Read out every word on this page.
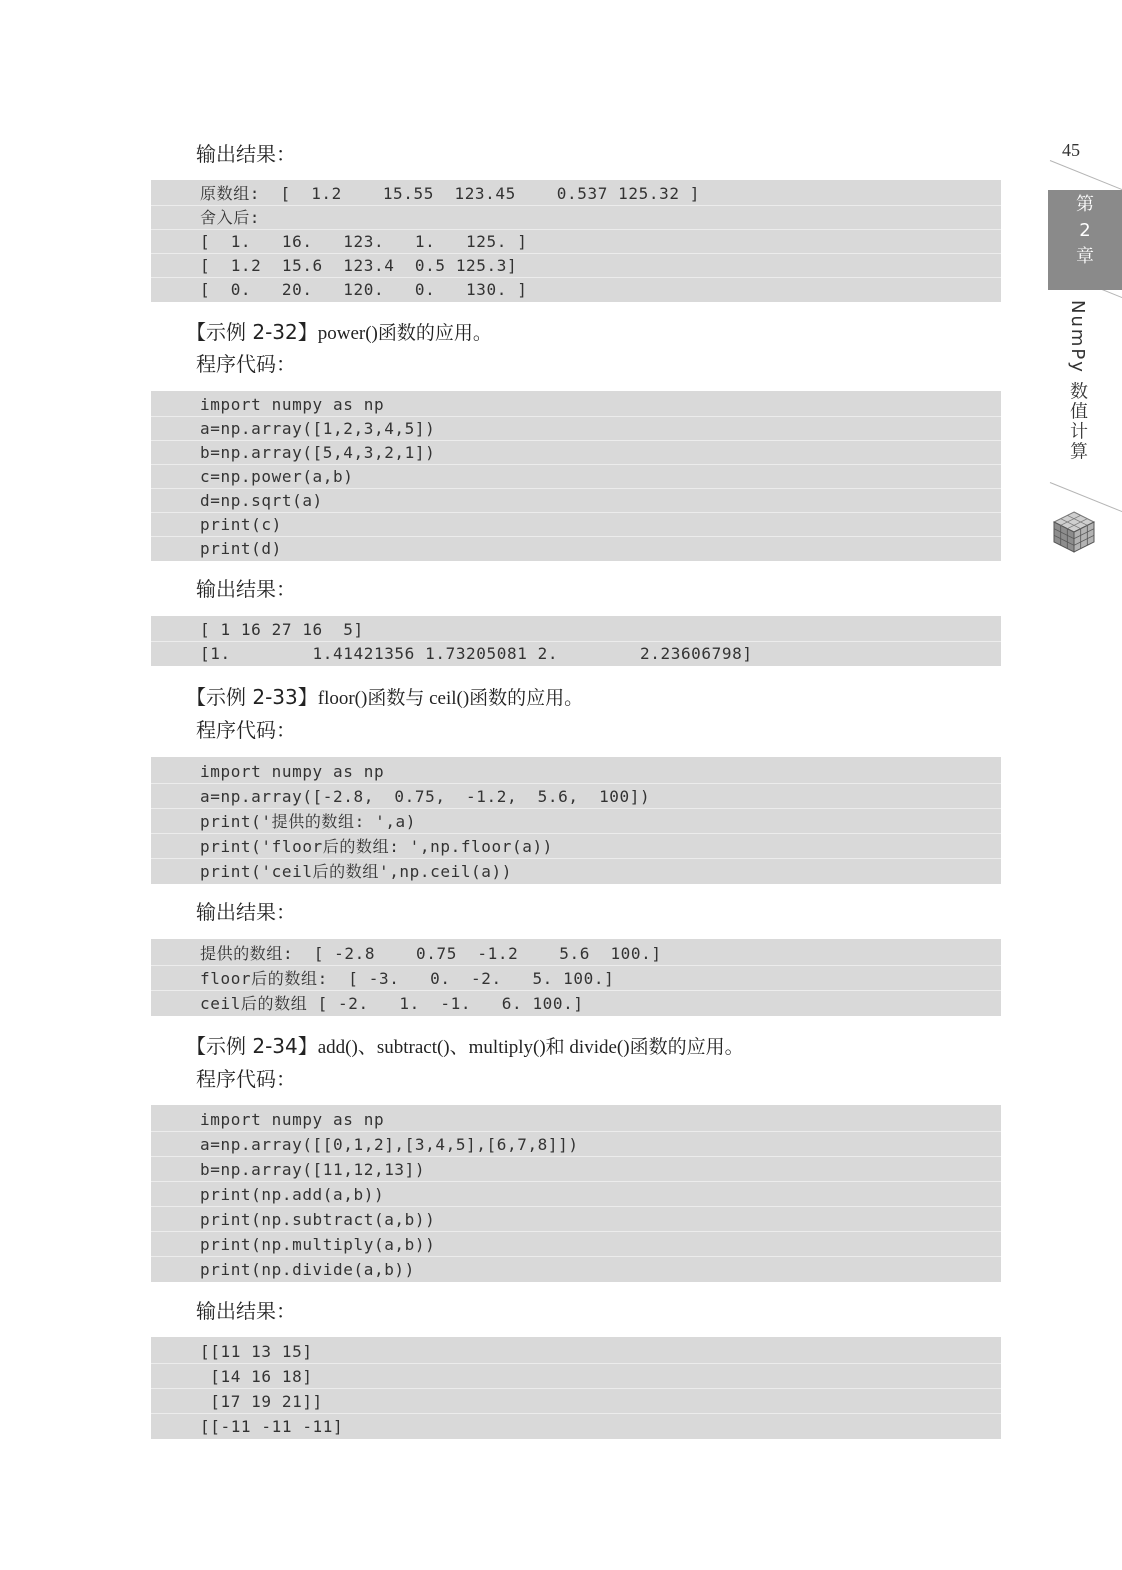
输出结果：
原数组:  [  1.2    15.55  123.45    0.537 125.32 ]
舍入后:
[  1.   16.   123.   1.   125. ]
[  1.2  15.6  123.4  0.5 125.3]
[  0.   20.   120.   0.   130. ]
【示例 2-32】power()函数的应用。
程序代码：
import numpy as np
a=np.array([1,2,3,4,5])
b=np.array([5,4,3,2,1])
c=np.power(a,b)
d=np.sqrt(a)
print(c)
print(d)
输出结果：
[ 1 16 27 16  5]
[1.        1.41421356 1.73205081 2.        2.23606798]
【示例 2-33】floor()函数与 ceil()函数的应用。
程序代码：
import numpy as np
a=np.array([-2.8,  0.75,  -1.2,  5.6,  100])
print('提供的数组: ',a)
print('floor后的数组: ',np.floor(a))
print('ceil后的数组',np.ceil(a))
输出结果：
提供的数组:  [ -2.8    0.75  -1.2    5.6  100.]
floor后的数组:  [ -3.   0.  -2.   5. 100.]
ceil后的数组 [ -2.   1.  -1.   6. 100.]
【示例 2-34】add()、subtract()、multiply()和 divide()函数的应用。
程序代码：
import numpy as np
a=np.array([[0,1,2],[3,4,5],[6,7,8]])
b=np.array([11,12,13])
print(np.add(a,b))
print(np.subtract(a,b))
print(np.multiply(a,b))
print(np.divide(a,b))
输出结果：
[[11 13 15]
[14 16 18]
[17 19 21]]
[[-11 -11 -11]
45
第
2
章
NumPy 数值计算
